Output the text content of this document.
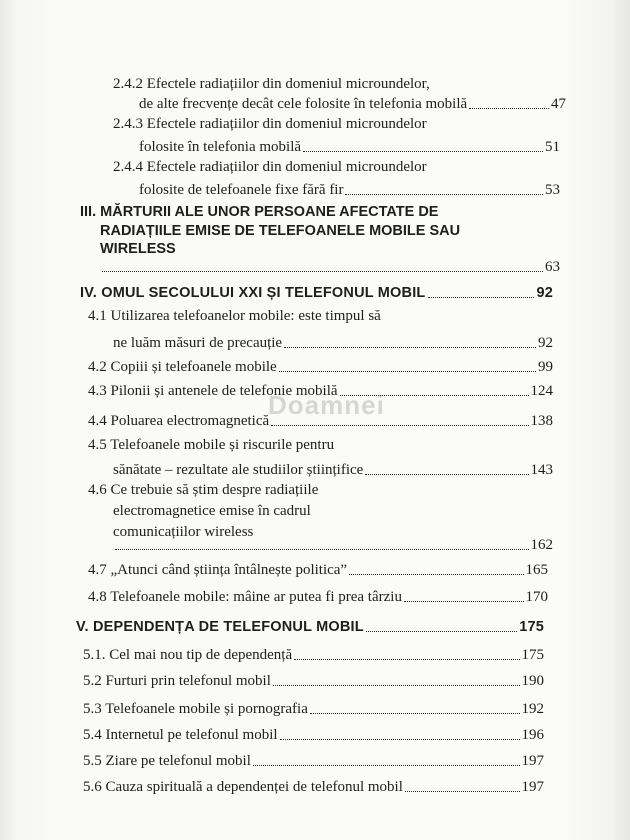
Doamnei
2.4.2 Efectele radiațiilor din domeniul microundelor,
de alte frecvențe decât cele folosite în telefonia mobilă	47
2.4.3 Efectele radiațiilor din domeniul microundelor
folosite în telefonia mobilă	51
2.4.4 Efectele radiațiilor din domeniul microundelor
folosite de telefoanele fixe fără fir	53
III. MĂRTURII ALE UNOR PERSOANE AFECTATE DE
RADIAȚIILE EMISE DE TELEFOANELE MOBILE SAU
WIRELESS
63
IV. OMUL SECOLULUI XXI ȘI TELEFONUL MOBIL	92
4.1 Utilizarea telefoanelor mobile: este timpul să
ne luăm măsuri de precauție	92
4.2 Copiii și telefoanele mobile	99
4.3 Pilonii și antenele de telefonie mobilă	124
4.4 Poluarea electromagnetică	138
4.5 Telefoanele mobile și riscurile pentru
sănătate – rezultate ale studiilor științifice	143
4.6 Ce trebuie să știm despre radiațiile
electromagnetice emise în cadrul
comunicațiilor wireless
162
4.7 „Atunci când știința întâlnește politica”	165
4.8 Telefoanele mobile: mâine ar putea fi prea târziu	170
V. DEPENDENȚA DE TELEFONUL MOBIL	175
5.1. Cel mai nou tip de dependență	175
5.2 Furturi prin telefonul mobil	190
5.3 Telefoanele mobile și pornografia	192
5.4 Internetul pe telefonul mobil	196
5.5 Ziare pe telefonul mobil	197
5.6 Cauza spirituală a dependenței de telefonul mobil	197
